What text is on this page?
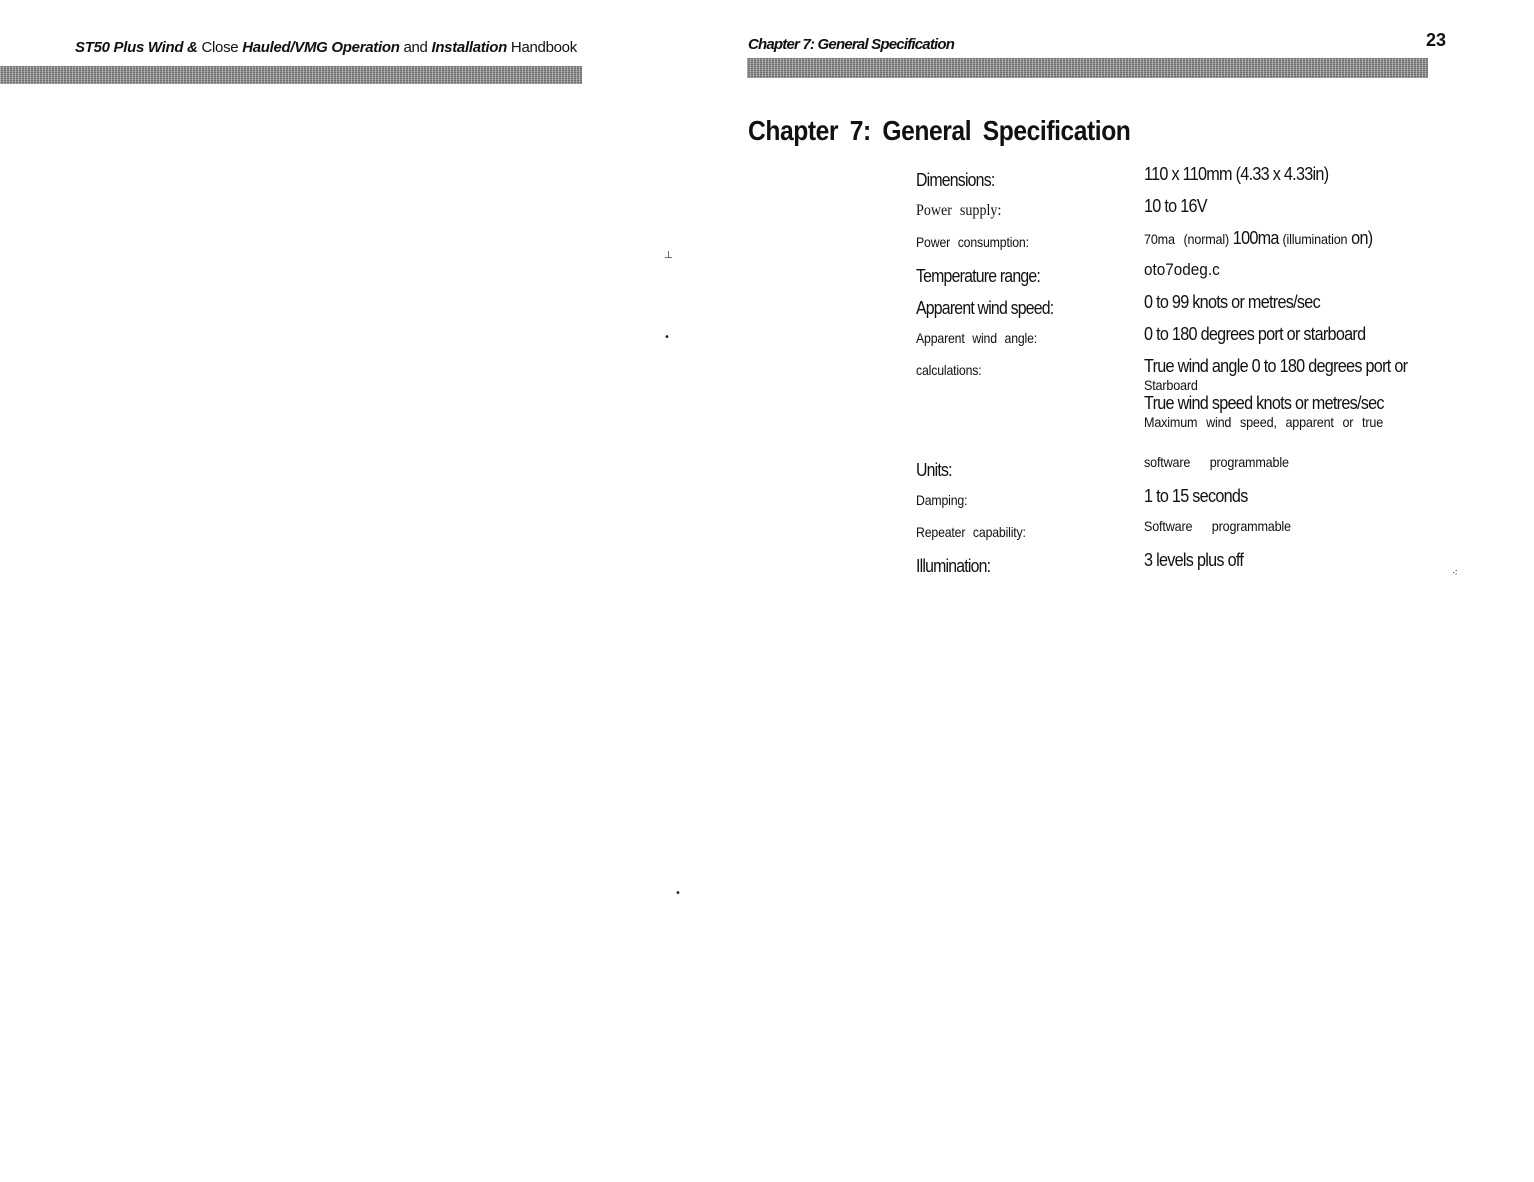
ST50 Plus Wind & Close Hauled/VMG Operation and Installation Handbook
⊥
•
•
Chapter 7: General Specification	23
Chapter 7: General Specification
Dimensions:	110 x 110mm (4.33 x 4.33in)
Power supply:	10 to 16V
Power consumption:	70ma (normal) 100ma (illumination on)
Temperature range:	oto7odeg.c
Apparent wind speed:	0 to 99 knots or metres/sec
Apparent wind angle:	0 to 180 degrees port or starboard
calculations:	True wind angle 0 to 180 degrees port or
Starboard
True wind speed knots or metres/sec
Maximum wind speed, apparent or true
Units:	software programmable
Damping:	1 to 15 seconds
Repeater capability:	Software programmable
Illumination:	3 levels plus off
⁖
